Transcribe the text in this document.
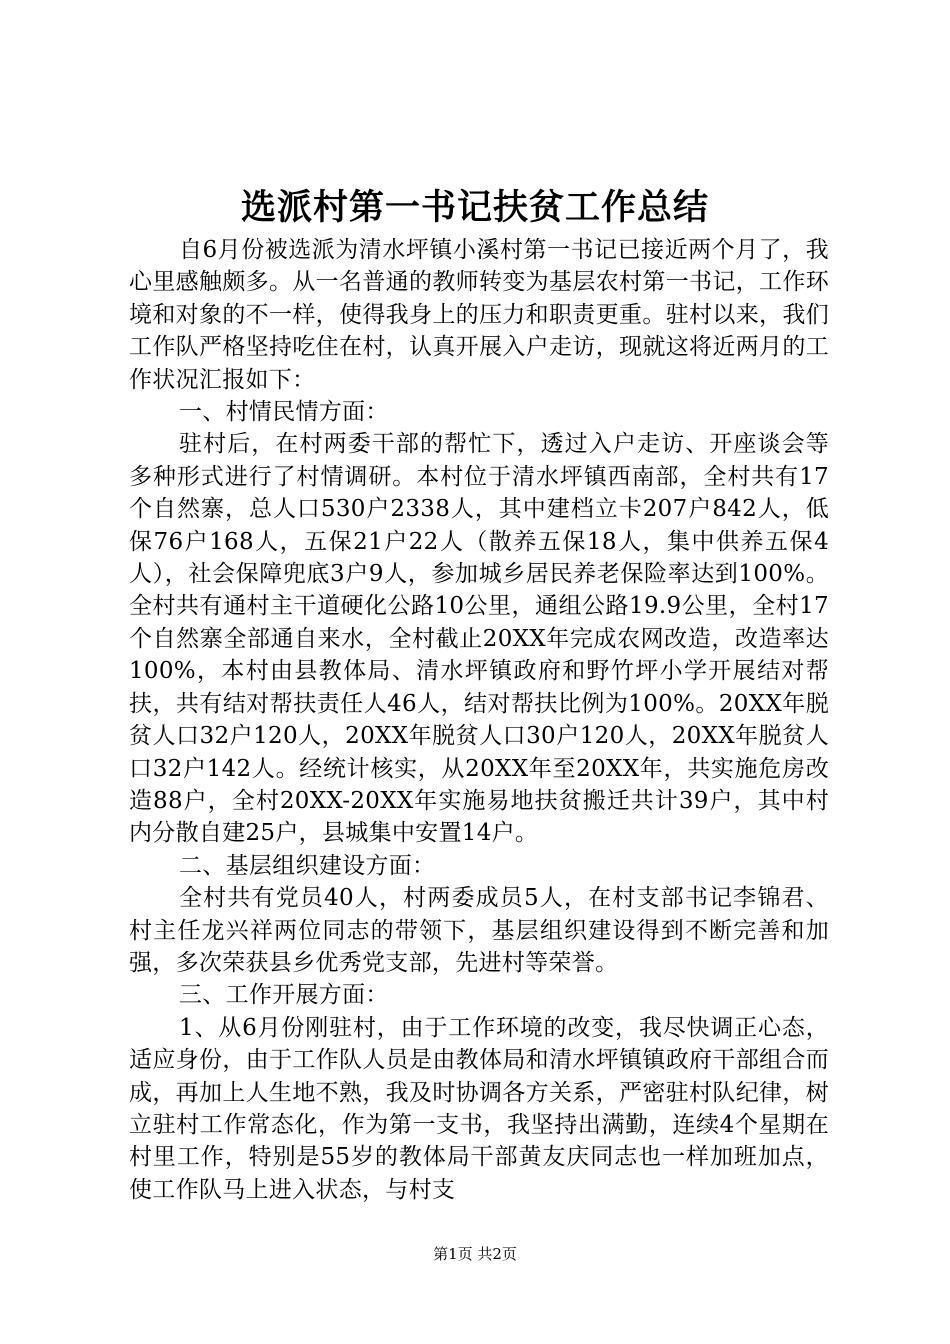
选派村第一书记扶贫工作总结

自6月份被选派为清水坪镇小溪村第一书记已接近两个月了，我心里感触颇多。从一名普通的教师转变为基层农村第一书记，工作环境和对象的不一样，使得我身上的压力和职责更重。驻村以来，我们工作队严格坚持吃住在村，认真开展入户走访，现就这将近两月的工作状况汇报如下：

一、村情民情方面：

驻村后，在村两委干部的帮忙下，透过入户走访、开座谈会等多种形式进行了村情调研。本村位于清水坪镇西南部，全村共有17个自然寨，总人口530户2338人，其中建档立卡207户842人，低保76户168人，五保21户22人（散养五保18人，集中供养五保4人），社会保障兜底3户9人，参加城乡居民养老保险率达到100%。全村共有通村主干道硬化公路10公里，通组公路19.9公里，全村17个自然寨全部通自来水，全村截止20XX年完成农网改造，改造率达100%，本村由县教体局、清水坪镇政府和野竹坪小学开展结对帮扶，共有结对帮扶责任人46人，结对帮扶比例为100%。20XX年脱贫人口32户120人，20XX年脱贫人口30户120人，20XX年脱贫人口32户142人。经统计核实，从20XX年至20XX年，共实施危房改造88户，全村20XX-20XX年实施易地扶贫搬迁共计39户，其中村内分散自建25户，县城集中安置14户。

二、基层组织建设方面：

全村共有党员40人，村两委成员5人，在村支部书记李锦君、村主任龙兴祥两位同志的带领下，基层组织建设得到不断完善和加强，多次荣获县乡优秀党支部，先进村等荣誉。

三、工作开展方面：

1、从6月份刚驻村，由于工作环境的改变，我尽快调正心态，适应身份，由于工作队人员是由教体局和清水坪镇镇政府干部组合而成，再加上人生地不熟，我及时协调各方关系，严密驻村队纪律，树立驻村工作常态化，作为第一支书，我坚持出满勤，连续4个星期在村里工作，特别是55岁的教体局干部黄友庆同志也一样加班加点，使工作队马上进入状态，与村支

第1页 共2页
